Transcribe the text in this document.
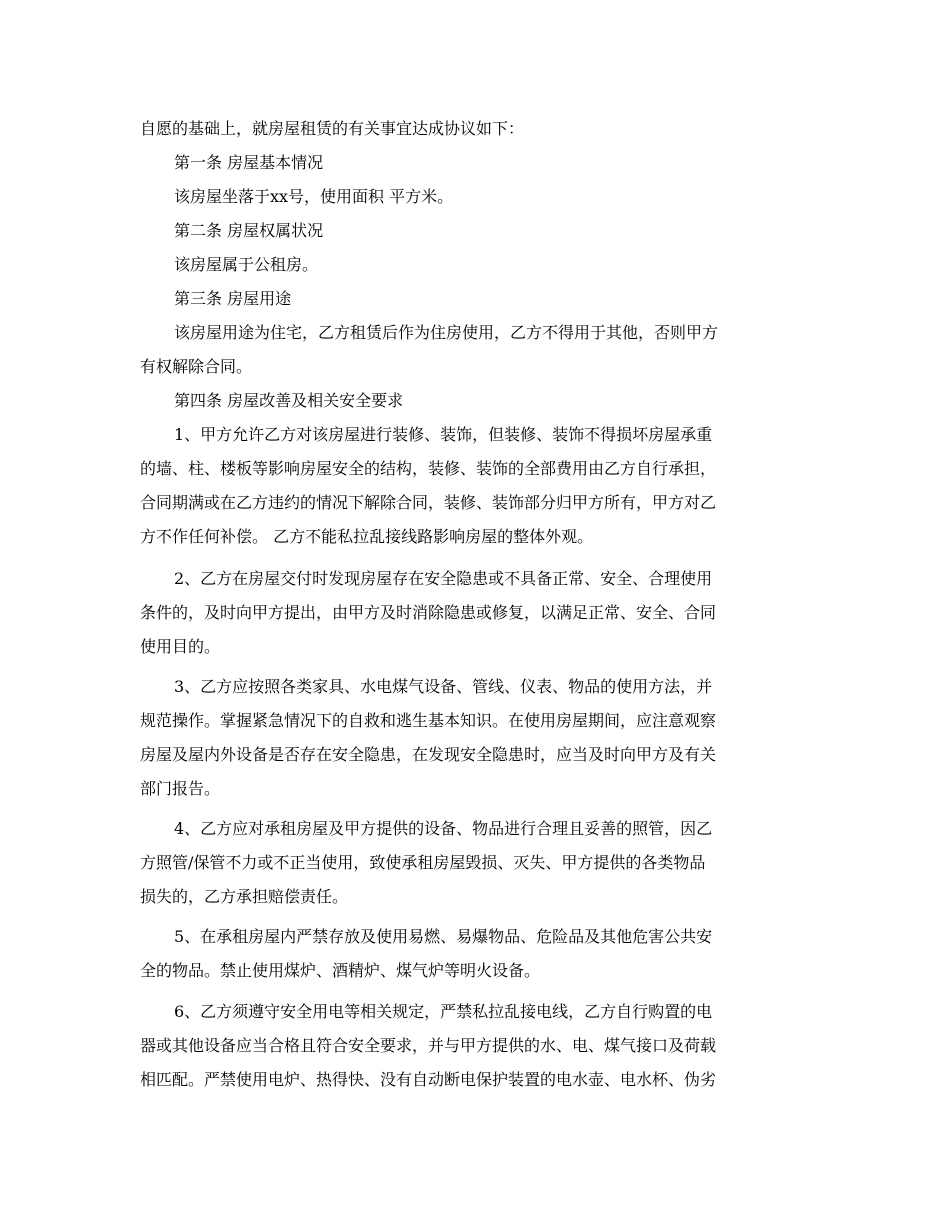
自愿的基础上，就房屋租赁的有关事宜达成协议如下：
第一条 房屋基本情况
该房屋坐落于xx号，使用面积 平方米。
第二条 房屋权属状况
该房屋属于公租房。
第三条 房屋用途
该房屋用途为住宅，乙方租赁后作为住房使用，乙方不得用于其他，否则甲方
有权解除合同。
第四条 房屋改善及相关安全要求
1、甲方允许乙方对该房屋进行装修、装饰，但装修、装饰不得损坏房屋承重
的墙、柱、楼板等影响房屋安全的结构，装修、装饰的全部费用由乙方自行承担，
合同期满或在乙方违约的情况下解除合同，装修、装饰部分归甲方所有，甲方对乙
方不作任何补偿。 乙方不能私拉乱接线路影响房屋的整体外观。
2、乙方在房屋交付时发现房屋存在安全隐患或不具备正常、安全、合理使用
条件的，及时向甲方提出，由甲方及时消除隐患或修复，以满足正常、安全、合同
使用目的。
3、乙方应按照各类家具、水电煤气设备、管线、仪表、物品的使用方法，并
规范操作。掌握紧急情况下的自救和逃生基本知识。在使用房屋期间，应注意观察
房屋及屋内外设备是否存在安全隐患，在发现安全隐患时，应当及时向甲方及有关
部门报告。
4、乙方应对承租房屋及甲方提供的设备、物品进行合理且妥善的照管，因乙
方照管/保管不力或不正当使用，致使承租房屋毁损、灭失、甲方提供的各类物品
损失的，乙方承担赔偿责任。
5、在承租房屋内严禁存放及使用易燃、易爆物品、危险品及其他危害公共安
全的物品。禁止使用煤炉、酒精炉、煤气炉等明火设备。
6、乙方须遵守安全用电等相关规定，严禁私拉乱接电线，乙方自行购置的电
器或其他设备应当合格且符合安全要求，并与甲方提供的水、电、煤气接口及荷载
相匹配。严禁使用电炉、热得快、没有自动断电保护装置的电水壶、电水杯、伪劣
